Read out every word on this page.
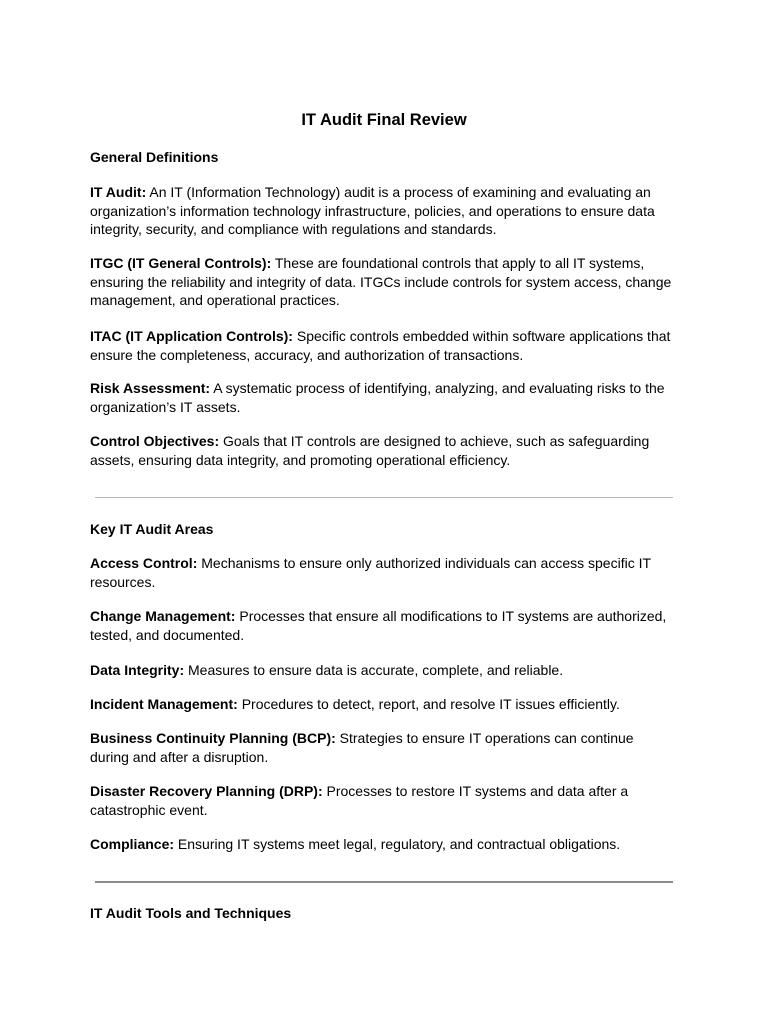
IT Audit Final Review
General Definitions

IT Audit: An IT (Information Technology) audit is a process of examining and evaluating an organization’s information technology infrastructure, policies, and operations to ensure data integrity, security, and compliance with regulations and standards.

ITGC (IT General Controls): These are foundational controls that apply to all IT systems, ensuring the reliability and integrity of data. ITGCs include controls for system access, change management, and operational practices.

ITAC (IT Application Controls): Specific controls embedded within software applications that ensure the completeness, accuracy, and authorization of transactions.

Risk Assessment: A systematic process of identifying, analyzing, and evaluating risks to the organization’s IT assets.

Control Objectives: Goals that IT controls are designed to achieve, such as safeguarding assets, ensuring data integrity, and promoting operational efficiency.

Key IT Audit Areas

Access Control: Mechanisms to ensure only authorized individuals can access specific IT resources.

Change Management: Processes that ensure all modifications to IT systems are authorized, tested, and documented.

Data Integrity: Measures to ensure data is accurate, complete, and reliable.

Incident Management: Procedures to detect, report, and resolve IT issues efficiently.

Business Continuity Planning (BCP): Strategies to ensure IT operations can continue during and after a disruption.

Disaster Recovery Planning (DRP): Processes to restore IT systems and data after a catastrophic event.

Compliance: Ensuring IT systems meet legal, regulatory, and contractual obligations.

IT Audit Tools and Techniques
